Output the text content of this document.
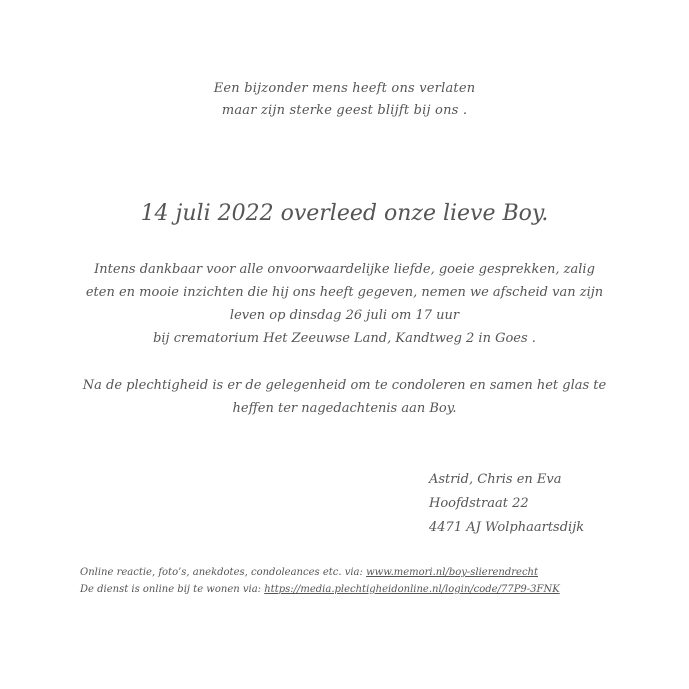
Een bijzonder mens heeft ons verlaten
maar zijn sterke geest blijft bij ons .
14 juli 2022 overleed onze lieve Boy.
Intens dankbaar voor alle onvoorwaardelijke liefde, goeie gesprekken, zalig
eten en mooie inzichten die hij ons heeft gegeven, nemen we afscheid van zijn
leven op dinsdag 26 juli om 17 uur
bij crematorium Het Zeeuwse Land, Kandtweg 2 in Goes .
Na de plechtigheid is er de gelegenheid om te condoleren en samen het glas te
heffen ter nagedachtenis aan Boy.
Astrid, Chris en Eva
Hoofdstraat 22
4471 AJ Wolphaartsdijk
Online reactie, foto’s, anekdotes, condoleances etc. via: www.memori.nl/boy-slierendrecht
De dienst is online bij te wonen via: https://media.plechtigheidonline.nl/login/code/77P9-3FNK
